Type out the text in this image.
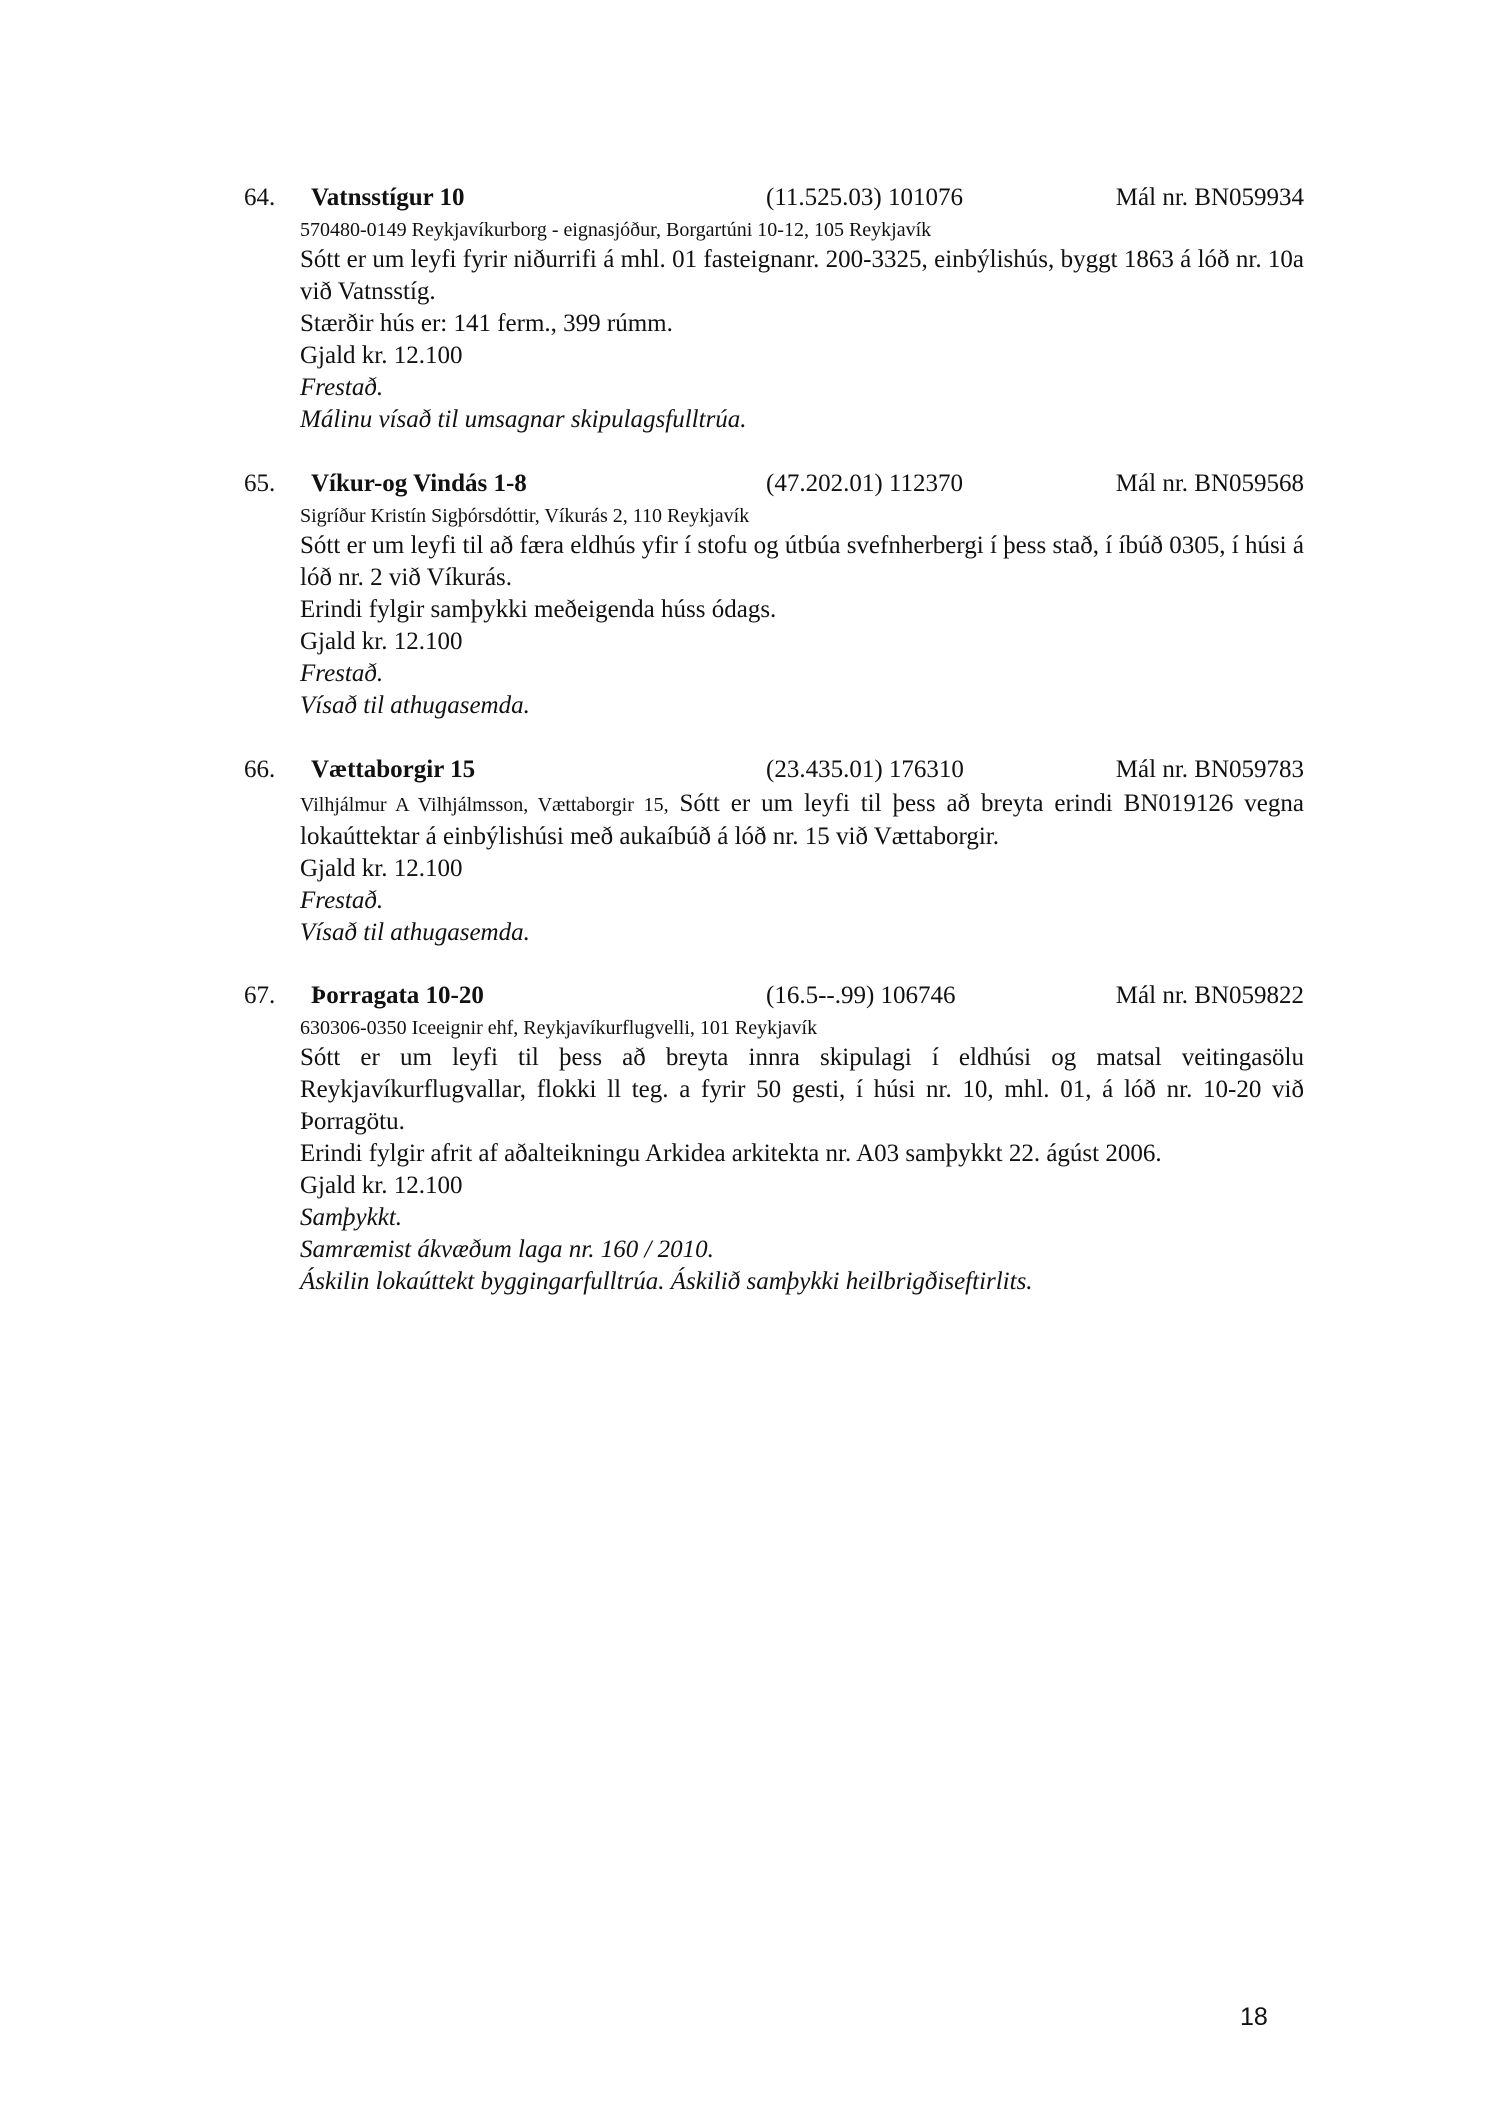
64. Vatnsstígur 10	(11.525.03) 101076	Mál nr. BN059934
570480-0149 Reykjavíkurborg - eignasjóður, Borgartúni 10-12, 105 Reykjavík
Sótt er um leyfi fyrir niðurrifi á mhl. 01 fasteignanr. 200-3325, einbýlishús, byggt 1863 á lóð nr. 10a við Vatnsstíg.
Stærðir hús er: 141 ferm., 399 rúmm.
Gjald kr. 12.100
Frestað.
Málinu vísað til umsagnar skipulagsfulltrúa.
65. Víkur-og Vindás 1-8	(47.202.01) 112370	Mál nr. BN059568
Sigríður Kristín Sigþórsdóttir, Víkurás 2, 110 Reykjavík
Sótt er um leyfi til að færa eldhús yfir í stofu og útbúa svefnherbergi í þess stað, í íbúð 0305, í húsi á lóð nr. 2 við Víkurás.
Erindi fylgir samþykki meðeigenda húss ódags.
Gjald kr. 12.100
Frestað.
Vísað til athugasemda.
66. Vættaborgir 15	(23.435.01) 176310	Mál nr. BN059783
Vilhjálmur A Vilhjálmsson, Vættaborgir 15, Sótt er um leyfi til þess að breyta erindi BN019126 vegna lokaúttektar á einbýlishúsi með aukaíbúð á lóð nr. 15 við Vættaborgir.
Gjald kr. 12.100
Frestað.
Vísað til athugasemda.
67. Þorragata 10-20	(16.5--.99) 106746	Mál nr. BN059822
630306-0350 Iceeignir ehf, Reykjavíkurflugvelli, 101 Reykjavík
Sótt er um leyfi til þess að breyta innra skipulagi í eldhúsi og matsal veitingasölu Reykjavíkurflugvallar, flokki ll teg. a fyrir 50 gesti, í húsi nr. 10, mhl. 01, á lóð nr. 10-20 við Þorragötu.
Erindi fylgir afrit af aðalteikningu Arkidea arkitekta nr. A03 samþykkt 22. ágúst 2006.
Gjald kr. 12.100
Samþykkt.
Samræmist ákvæðum laga nr. 160 / 2010.
Áskilin lokaúttekt byggingarfulltrúa. Áskilið samþykki heilbrigðiseftirlits.
18
